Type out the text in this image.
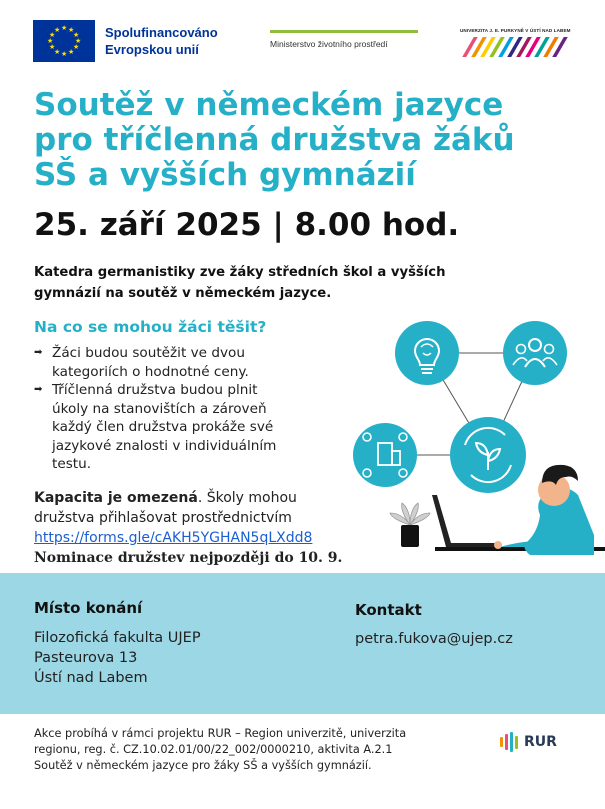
★ ★
★
★
★
★
★
★
★
★
★
★	Spolufinancováno
Evropskou unií	Ministerstvo životního prostředí
UNIVERZITA J. E. PURKYNĚ V ÚSTÍ NAD LABEM
Soutěž v německém jazyce
pro tříčlenná družstva žáků
SŠ a vyšších gymnázií
25. září 2025 | 8.00 hod.
Katedra germanistiky zve žáky středních škol a vyšších
gymnázií na soutěž v německém jazyce.
Na co se mohou žáci těšit?
➡ Žáci budou soutěžit ve dvou
kategoriích o hodnotné ceny.
➡ Tříčlenná družstva budou plnit
úkoly na stanovištích a zároveň
každý člen družstva prokáže své
jazykové znalosti v individuálním
testu.
Kapacita je omezená. Školy mohou
družstva přihlašovat prostřednictvím
https://forms.gle/cAKH5YGHAN5qLXdd8
Nominace družstev nejpozději do 10. 9.
Místo konání
Filozofická fakulta UJEP
Pasteurova 13
Ústí nad Labem
Kontakt
petra.fukova@ujep.cz
Akce probíhá v rámci projektu RUR – Region univerzitě, univerzita
regionu, reg. č. CZ.10.02.01/00/22_002/0000210, aktivita A.2.1
Soutěž v německém jazyce pro žáky SŠ a vyšších gymnázií.
RUR
